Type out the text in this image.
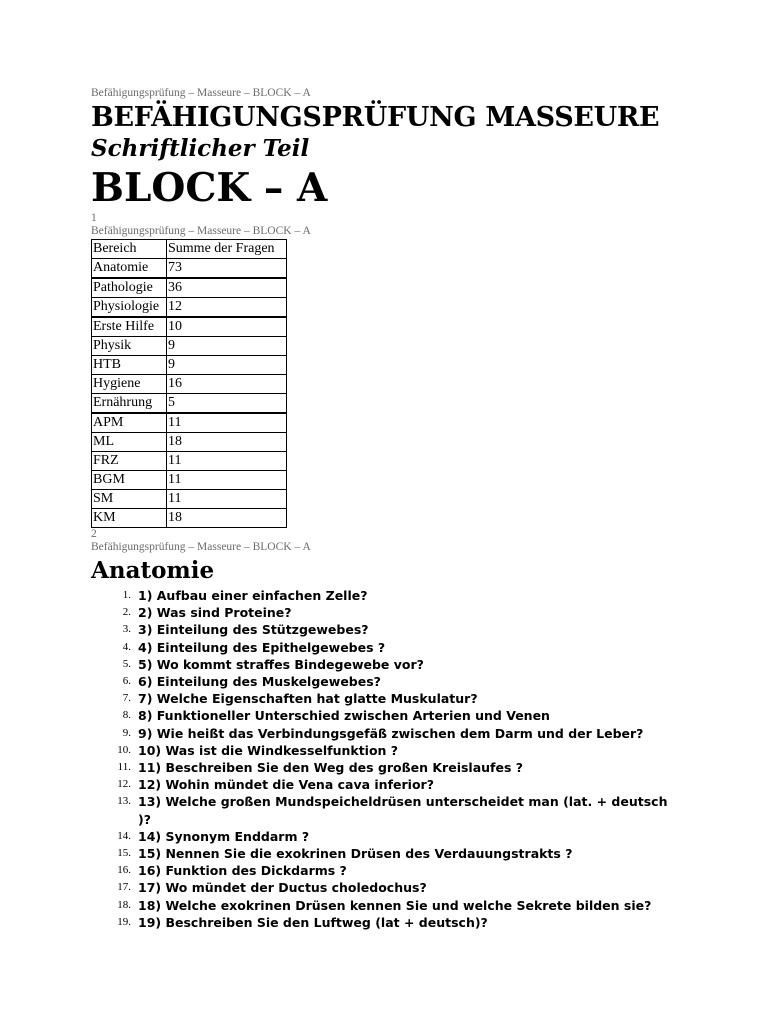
Befähigungsprüfung – Masseure – BLOCK – A
BEFÄHIGUNGSPRÜFUNG MASSEURE
Schriftlicher Teil
BLOCK – A
1
Befähigungsprüfung – Masseure – BLOCK – A
Bereich	Summe der Fragen
Anatomie	73
Pathologie	36
Physiologie	12
Erste Hilfe	10
Physik	9
HTB	9
Hygiene	16
Ernährung	5
APM	11
ML	18
FRZ	11
BGM	11
SM	11
KM	18
2
Befähigungsprüfung – Masseure – BLOCK – A
Anatomie
1. 1) Aufbau einer einfachen Zelle?
2. 2) Was sind Proteine?
3. 3) Einteilung des Stützgewebes?
4. 4) Einteilung des Epithelgewebes ?
5. 5) Wo kommt straffes Bindegewebe vor?
6. 6) Einteilung des Muskelgewebes?
7. 7) Welche Eigenschaften hat glatte Muskulatur?
8. 8) Funktioneller Unterschied zwischen Arterien und Venen
9. 9) Wie heißt das Verbindungsgefäß zwischen dem Darm und der Leber?
10. 10) Was ist die Windkesselfunktion ?
11. 11) Beschreiben Sie den Weg des großen Kreislaufes ?
12. 12) Wohin mündet die Vena cava inferior?
13. 13) Welche großen Mundspeicheldrüsen unterscheidet man (lat. + deutsch )?
14. 14) Synonym Enddarm ?
15. 15) Nennen Sie die exokrinen Drüsen des Verdauungstrakts ?
16. 16) Funktion des Dickdarms ?
17. 17) Wo mündet der Ductus choledochus?
18. 18) Welche exokrinen Drüsen kennen Sie und welche Sekrete bilden sie?
19. 19) Beschreiben Sie den Luftweg (lat + deutsch)?
